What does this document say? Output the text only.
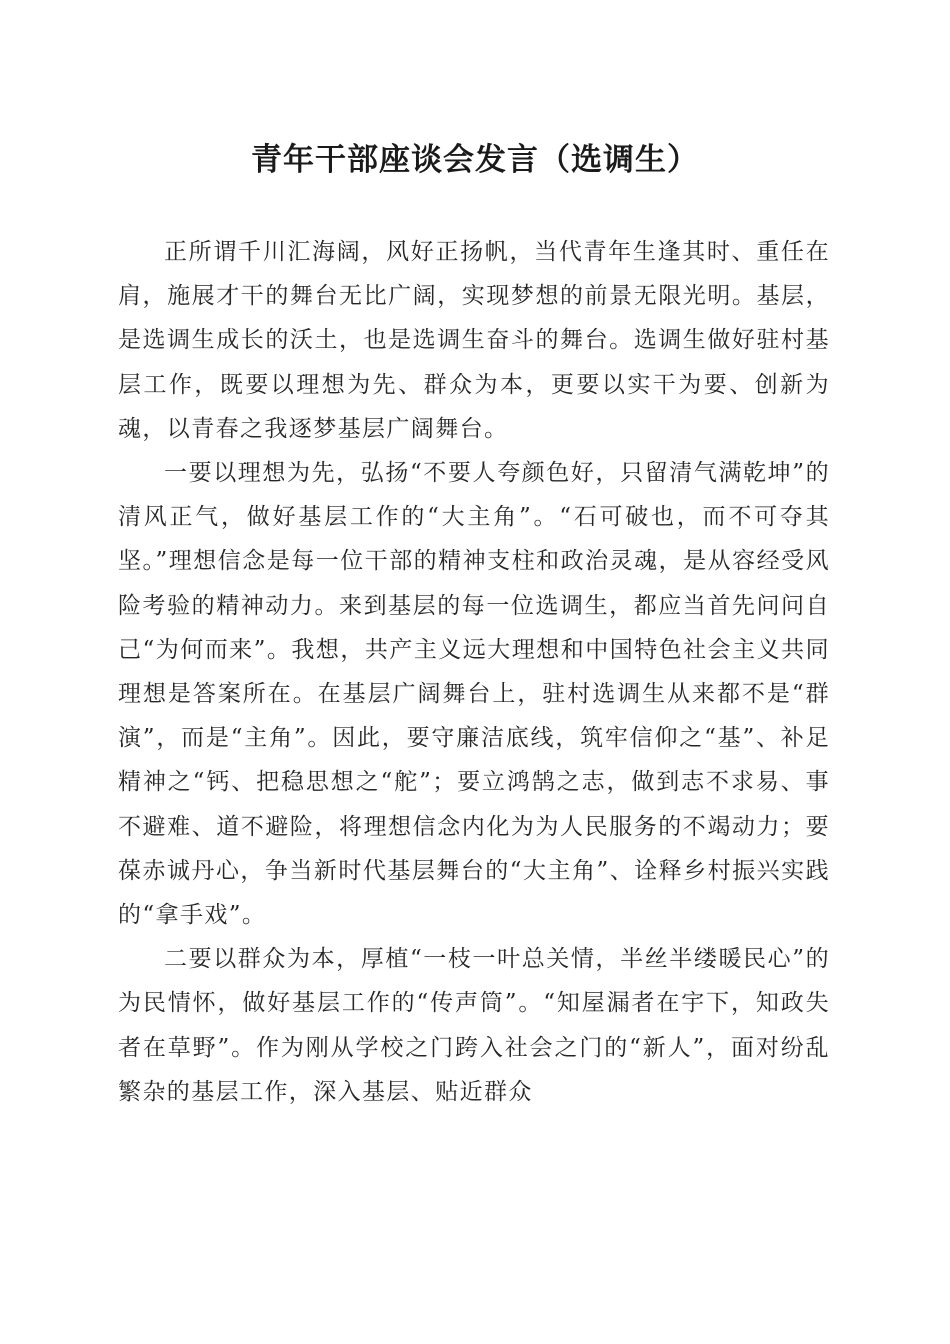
青年干部座谈会发言（选调生）

正所谓千川汇海阔，风好正扬帆，当代青年生逢其时、重任在肩，施展才干的舞台无比广阔，实现梦想的前景无限光明。基层，是选调生成长的沃土，也是选调生奋斗的舞台。选调生做好驻村基层工作，既要以理想为先、群众为本，更要以实干为要、创新为魂，以青春之我逐梦基层广阔舞台。

一要以理想为先，弘扬“不要人夸颜色好，只留清气满乾坤”的清风正气，做好基层工作的“大主角”。“石可破也，而不可夺其坚。”理想信念是每一位干部的精神支柱和政治灵魂，是从容经受风险考验的精神动力。来到基层的每一位选调生，都应当首先问问自己“为何而来”。我想，共产主义远大理想和中国特色社会主义共同理想是答案所在。在基层广阔舞台上，驻村选调生从来都不是“群演”，而是“主角”。因此，要守廉洁底线，筑牢信仰之“基”、补足精神之“钙、把稳思想之“舵”；要立鸿鹄之志，做到志不求易、事不避难、道不避险，将理想信念内化为为人民服务的不竭动力；要葆赤诚丹心，争当新时代基层舞台的“大主角”、诠释乡村振兴实践的“拿手戏”。

二要以群众为本，厚植“一枝一叶总关情，半丝半缕暖民心”的为民情怀，做好基层工作的“传声筒”。“知屋漏者在宇下，知政失者在草野”。作为刚从学校之门跨入社会之门的“新人”，面对纷乱繁杂的基层工作，深入基层、贴近群众
